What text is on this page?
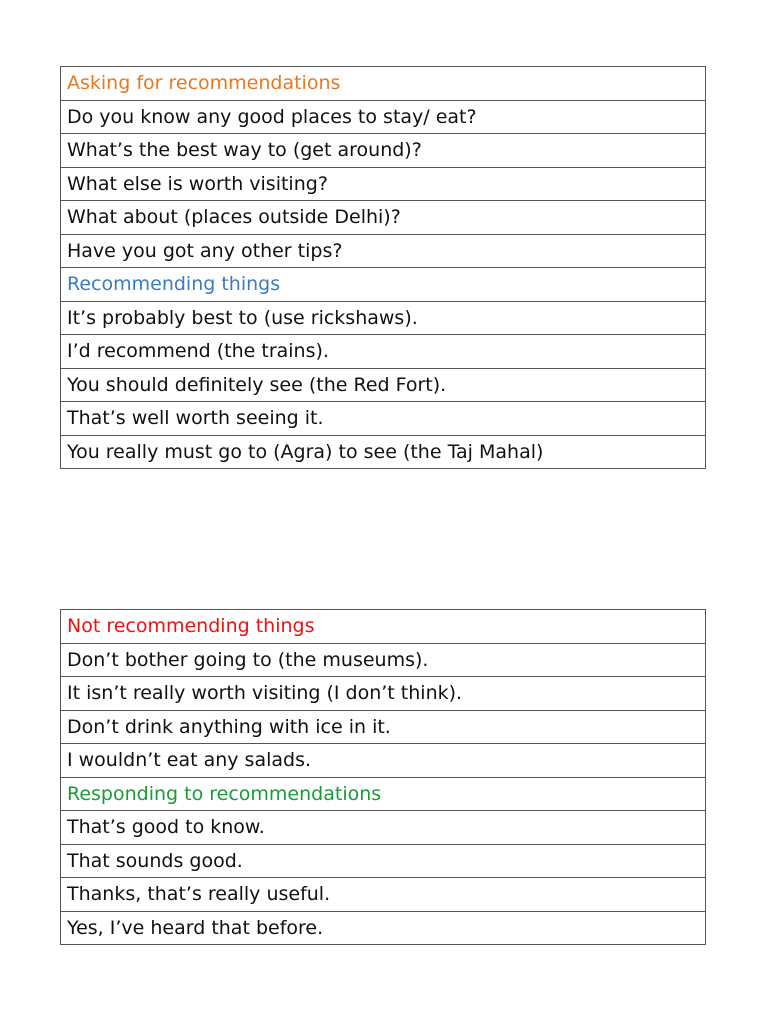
Asking for recommendations
Do you know any good places to stay/ eat?
What’s the best way to (get around)?
What else is worth visiting?
What about (places outside Delhi)?
Have you got any other tips?
Recommending things
It’s probably best to (use rickshaws).
I’d recommend (the trains).
You should definitely see (the Red Fort).
That’s well worth seeing it.
You really must go to (Agra) to see (the Taj Mahal)
Not recommending things
Don’t bother going to (the museums).
It isn’t really worth visiting (I don’t think).
Don’t drink anything with ice in it.
I wouldn’t eat any salads.
Responding to recommendations
That’s good to know.
That sounds good.
Thanks, that’s really useful.
Yes, I’ve heard that before.
